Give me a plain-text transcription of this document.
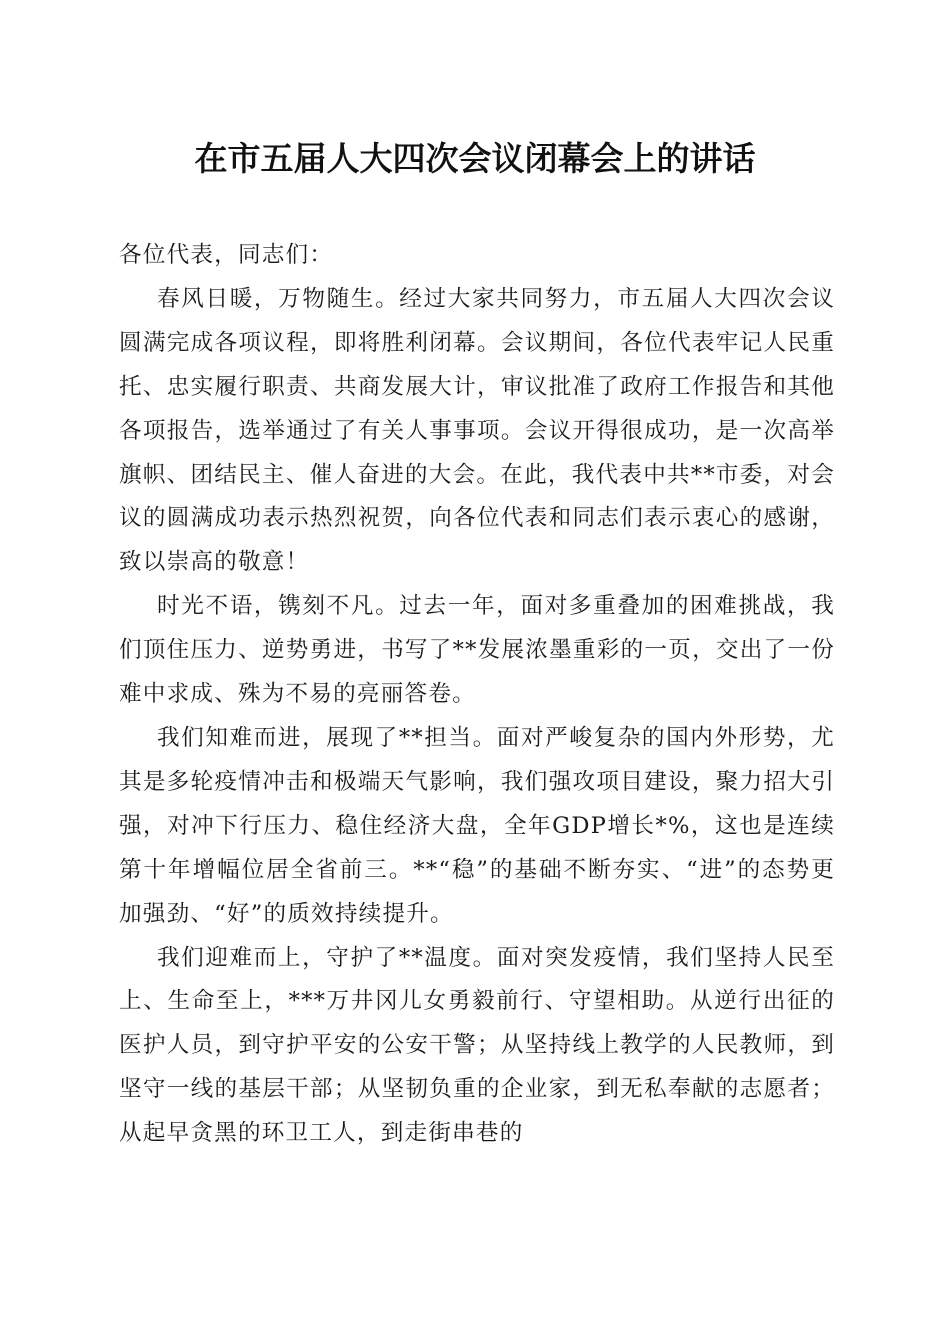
在市五届人大四次会议闭幕会上的讲话

各位代表，同志们：

春风日暖，万物随生。经过大家共同努力，市五届人大四次会议圆满完成各项议程，即将胜利闭幕。会议期间，各位代表牢记人民重托、忠实履行职责、共商发展大计，审议批准了政府工作报告和其他各项报告，选举通过了有关人事事项。会议开得很成功，是一次高举旗帜、团结民主、催人奋进的大会。在此，我代表中共**市委，对会议的圆满成功表示热烈祝贺，向各位代表和同志们表示衷心的感谢，致以崇高的敬意！

时光不语，镌刻不凡。过去一年，面对多重叠加的困难挑战，我们顶住压力、逆势勇进，书写了**发展浓墨重彩的一页，交出了一份难中求成、殊为不易的亮丽答卷。

我们知难而进，展现了**担当。面对严峻复杂的国内外形势，尤其是多轮疫情冲击和极端天气影响，我们强攻项目建设，聚力招大引强，对冲下行压力、稳住经济大盘，全年GDP增长*%，这也是连续第十年增幅位居全省前三。**“稳”的基础不断夯实、“进”的态势更加强劲、“好”的质效持续提升。

我们迎难而上，守护了**温度。面对突发疫情，我们坚持人民至上、生命至上，***万井冈儿女勇毅前行、守望相助。从逆行出征的医护人员，到守护平安的公安干警；从坚持线上教学的人民教师，到坚守一线的基层干部；从坚韧负重的企业家，到无私奉献的志愿者；从起早贪黑的环卫工人，到走街串巷的
